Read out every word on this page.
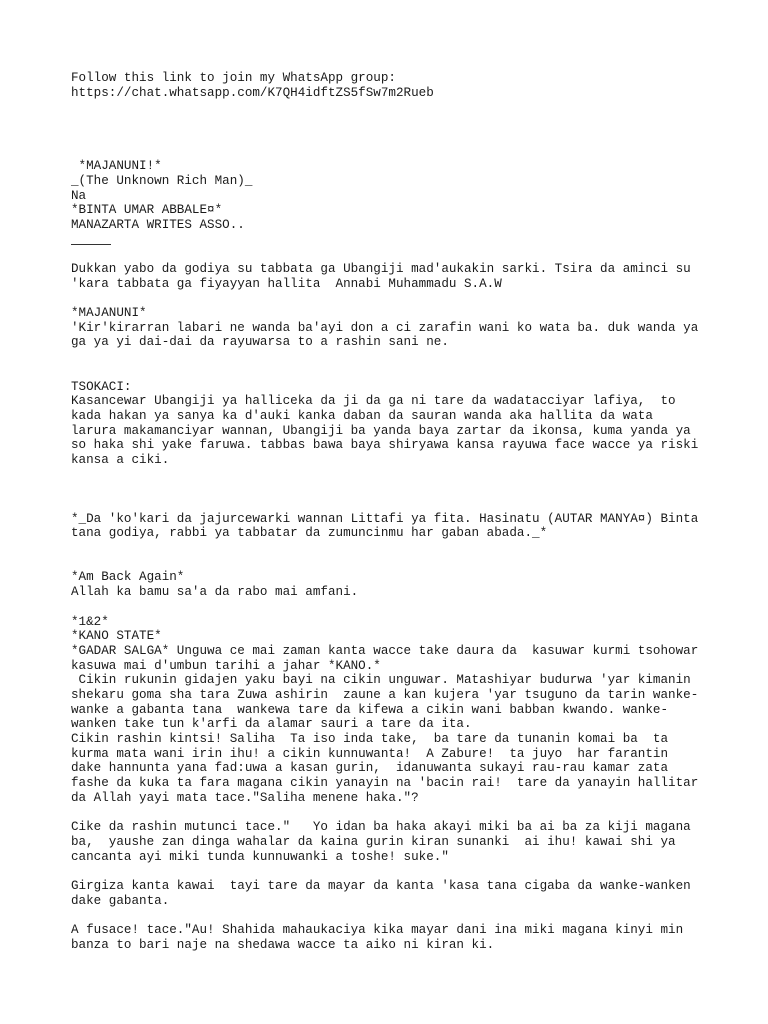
Follow this link to join my WhatsApp group:
https://chat.whatsapp.com/K7QH4idftZS5fSw7m2Rueb
*MAJANUNI!*
_(The Unknown Rich Man)_
Na
*BINTA UMAR ABBALE¤*
MANAZARTA WRITES ASSO..
Dukkan yabo da godiya su tabbata ga Ubangiji mad'aukakin sarki. Tsira da aminci su
'kara tabbata ga fiyayyan hallita  Annabi Muhammadu S.A.W
*MAJANUNI*
'Kir'kirarran labari ne wanda ba'ayi don a ci zarafin wani ko wata ba. duk wanda ya
ga ya yi dai-dai da rayuwarsa to a rashin sani ne.
TSOKACI:
Kasancewar Ubangiji ya halliceka da ji da ga ni tare da wadatacciyar lafiya,  to
kada hakan ya sanya ka d'auki kanka daban da sauran wanda aka hallita da wata
larura makamanciyar wannan, Ubangiji ba yanda baya zartar da ikonsa, kuma yanda ya
so haka shi yake faruwa. tabbas bawa baya shiryawa kansa rayuwa face wacce ya riski
kansa a ciki.
*_Da 'ko'kari da jajurcewarki wannan Littafi ya fita. Hasinatu (AUTAR MANYA¤) Binta
tana godiya, rabbi ya tabbatar da zumuncinmu har gaban abada._*
*Am Back Again*
Allah ka bamu sa'a da rabo mai amfani.
*1&2*
*KANO STATE*
*GADAR SALGA* Unguwa ce mai zaman kanta wacce take daura da  kasuwar kurmi tsohowar
kasuwa mai d'umbun tarihi a jahar *KANO.*
Cikin rukunin gidajen yaku bayi na cikin unguwar. Matashiyar budurwa 'yar kimanin
shekaru goma sha tara Zuwa ashirin  zaune a kan kujera 'yar tsuguno da tarin wanke-
wanke a gabanta tana  wankewa tare da kifewa a cikin wani babban kwando. wanke-
wanken take tun k'arfi da alamar sauri a tare da ita.
Cikin rashin kintsi! Saliha  Ta iso inda take,  ba tare da tunanin komai ba  ta
kurma mata wani irin ihu! a cikin kunnuwanta!  A Zabure!  ta juyo  har farantin
dake hannunta yana fad:uwa a kasan gurin,  idanuwanta sukayi rau-rau kamar zata
fashe da kuka ta fara magana cikin yanayin na 'bacin rai!  tare da yanayin hallitar
da Allah yayi mata tace."Saliha menene haka."?
Cike da rashin mutunci tace."   Yo idan ba haka akayi miki ba ai ba za kiji magana
ba,  yaushe zan dinga wahalar da kaina gurin kiran sunanki  ai ihu! kawai shi ya
cancanta ayi miki tunda kunnuwanki a toshe! suke."
Girgiza kanta kawai  tayi tare da mayar da kanta 'kasa tana cigaba da wanke-wanken
dake gabanta.
A fusace! tace."Au! Shahida mahaukaciya kika mayar dani ina miki magana kinyi min
banza to bari naje na shedawa wacce ta aiko ni kiran ki.
